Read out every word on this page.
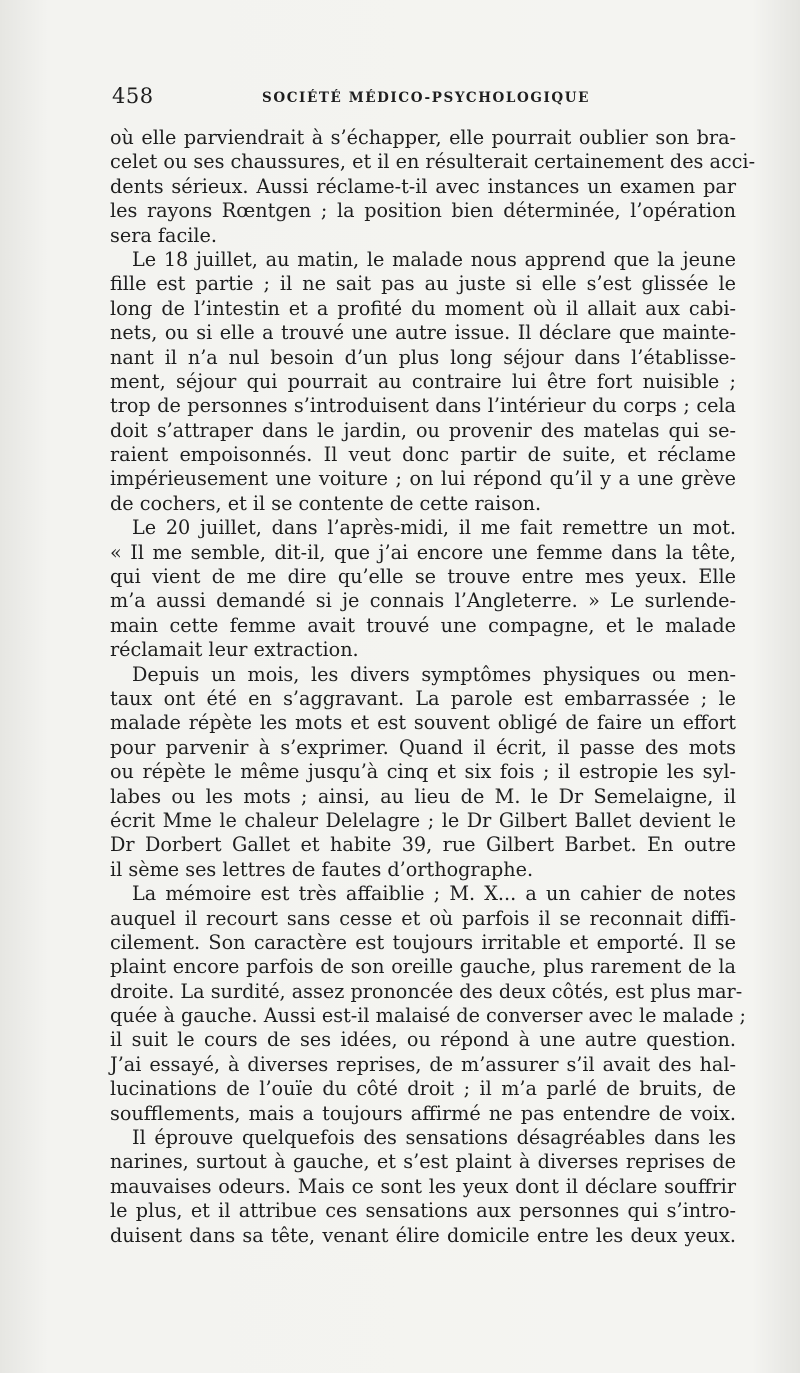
458	SOCIÉTÉ MÉDICO-PSYCHOLOGIQUE
où elle parviendrait à s’échapper, elle pourrait oublier son bra-
celet ou ses chaussures, et il en résulterait certainement des acci-
dents sérieux. Aussi réclame-t-il avec instances un examen par
les rayons Rœntgen ; la position bien déterminée, l’opération
sera facile.
Le 18 juillet, au matin, le malade nous apprend que la jeune
fille est partie ; il ne sait pas au juste si elle s’est glissée le
long de l’intestin et a profité du moment où il allait aux cabi-
nets, ou si elle a trouvé une autre issue. Il déclare que mainte-
nant il n’a nul besoin d’un plus long séjour dans l’établisse-
ment, séjour qui pourrait au contraire lui être fort nuisible ;
trop de personnes s’introduisent dans l’intérieur du corps ; cela
doit s’attraper dans le jardin, ou provenir des matelas qui se-
raient empoisonnés. Il veut donc partir de suite, et réclame
impérieusement une voiture ; on lui répond qu’il y a une grève
de cochers, et il se contente de cette raison.
Le 20 juillet, dans l’après-midi, il me fait remettre un mot.
« Il me semble, dit-il, que j’ai encore une femme dans la tête,
qui vient de me dire qu’elle se trouve entre mes yeux. Elle
m’a aussi demandé si je connais l’Angleterre. » Le surlende-
main cette femme avait trouvé une compagne, et le malade
réclamait leur extraction.
Depuis un mois, les divers symptômes physiques ou men-
taux ont été en s’aggravant. La parole est embarrassée ; le
malade répète les mots et est souvent obligé de faire un effort
pour parvenir à s’exprimer. Quand il écrit, il passe des mots
ou répète le même jusqu’à cinq et six fois ; il estropie les syl-
labes ou les mots ; ainsi, au lieu de M. le Dr Semelaigne, il
écrit Mme le chaleur Delelagre ; le Dr Gilbert Ballet devient le
Dr Dorbert Gallet et habite 39, rue Gilbert Barbet. En outre
il sème ses lettres de fautes d’orthographe.
La mémoire est très affaiblie ; M. X... a un cahier de notes
auquel il recourt sans cesse et où parfois il se reconnait diffi-
cilement. Son caractère est toujours irritable et emporté. Il se
plaint encore parfois de son oreille gauche, plus rarement de la
droite. La surdité, assez prononcée des deux côtés, est plus mar-
quée à gauche. Aussi est-il malaisé de converser avec le malade ;
il suit le cours de ses idées, ou répond à une autre question.
J’ai essayé, à diverses reprises, de m’assurer s’il avait des hal-
lucinations de l’ouïe du côté droit ; il m’a parlé de bruits, de
soufflements, mais a toujours affirmé ne pas entendre de voix.
Il éprouve quelquefois des sensations désagréables dans les
narines, surtout à gauche, et s’est plaint à diverses reprises de
mauvaises odeurs. Mais ce sont les yeux dont il déclare souffrir
le plus, et il attribue ces sensations aux personnes qui s’intro-
duisent dans sa tête, venant élire domicile entre les deux yeux.
